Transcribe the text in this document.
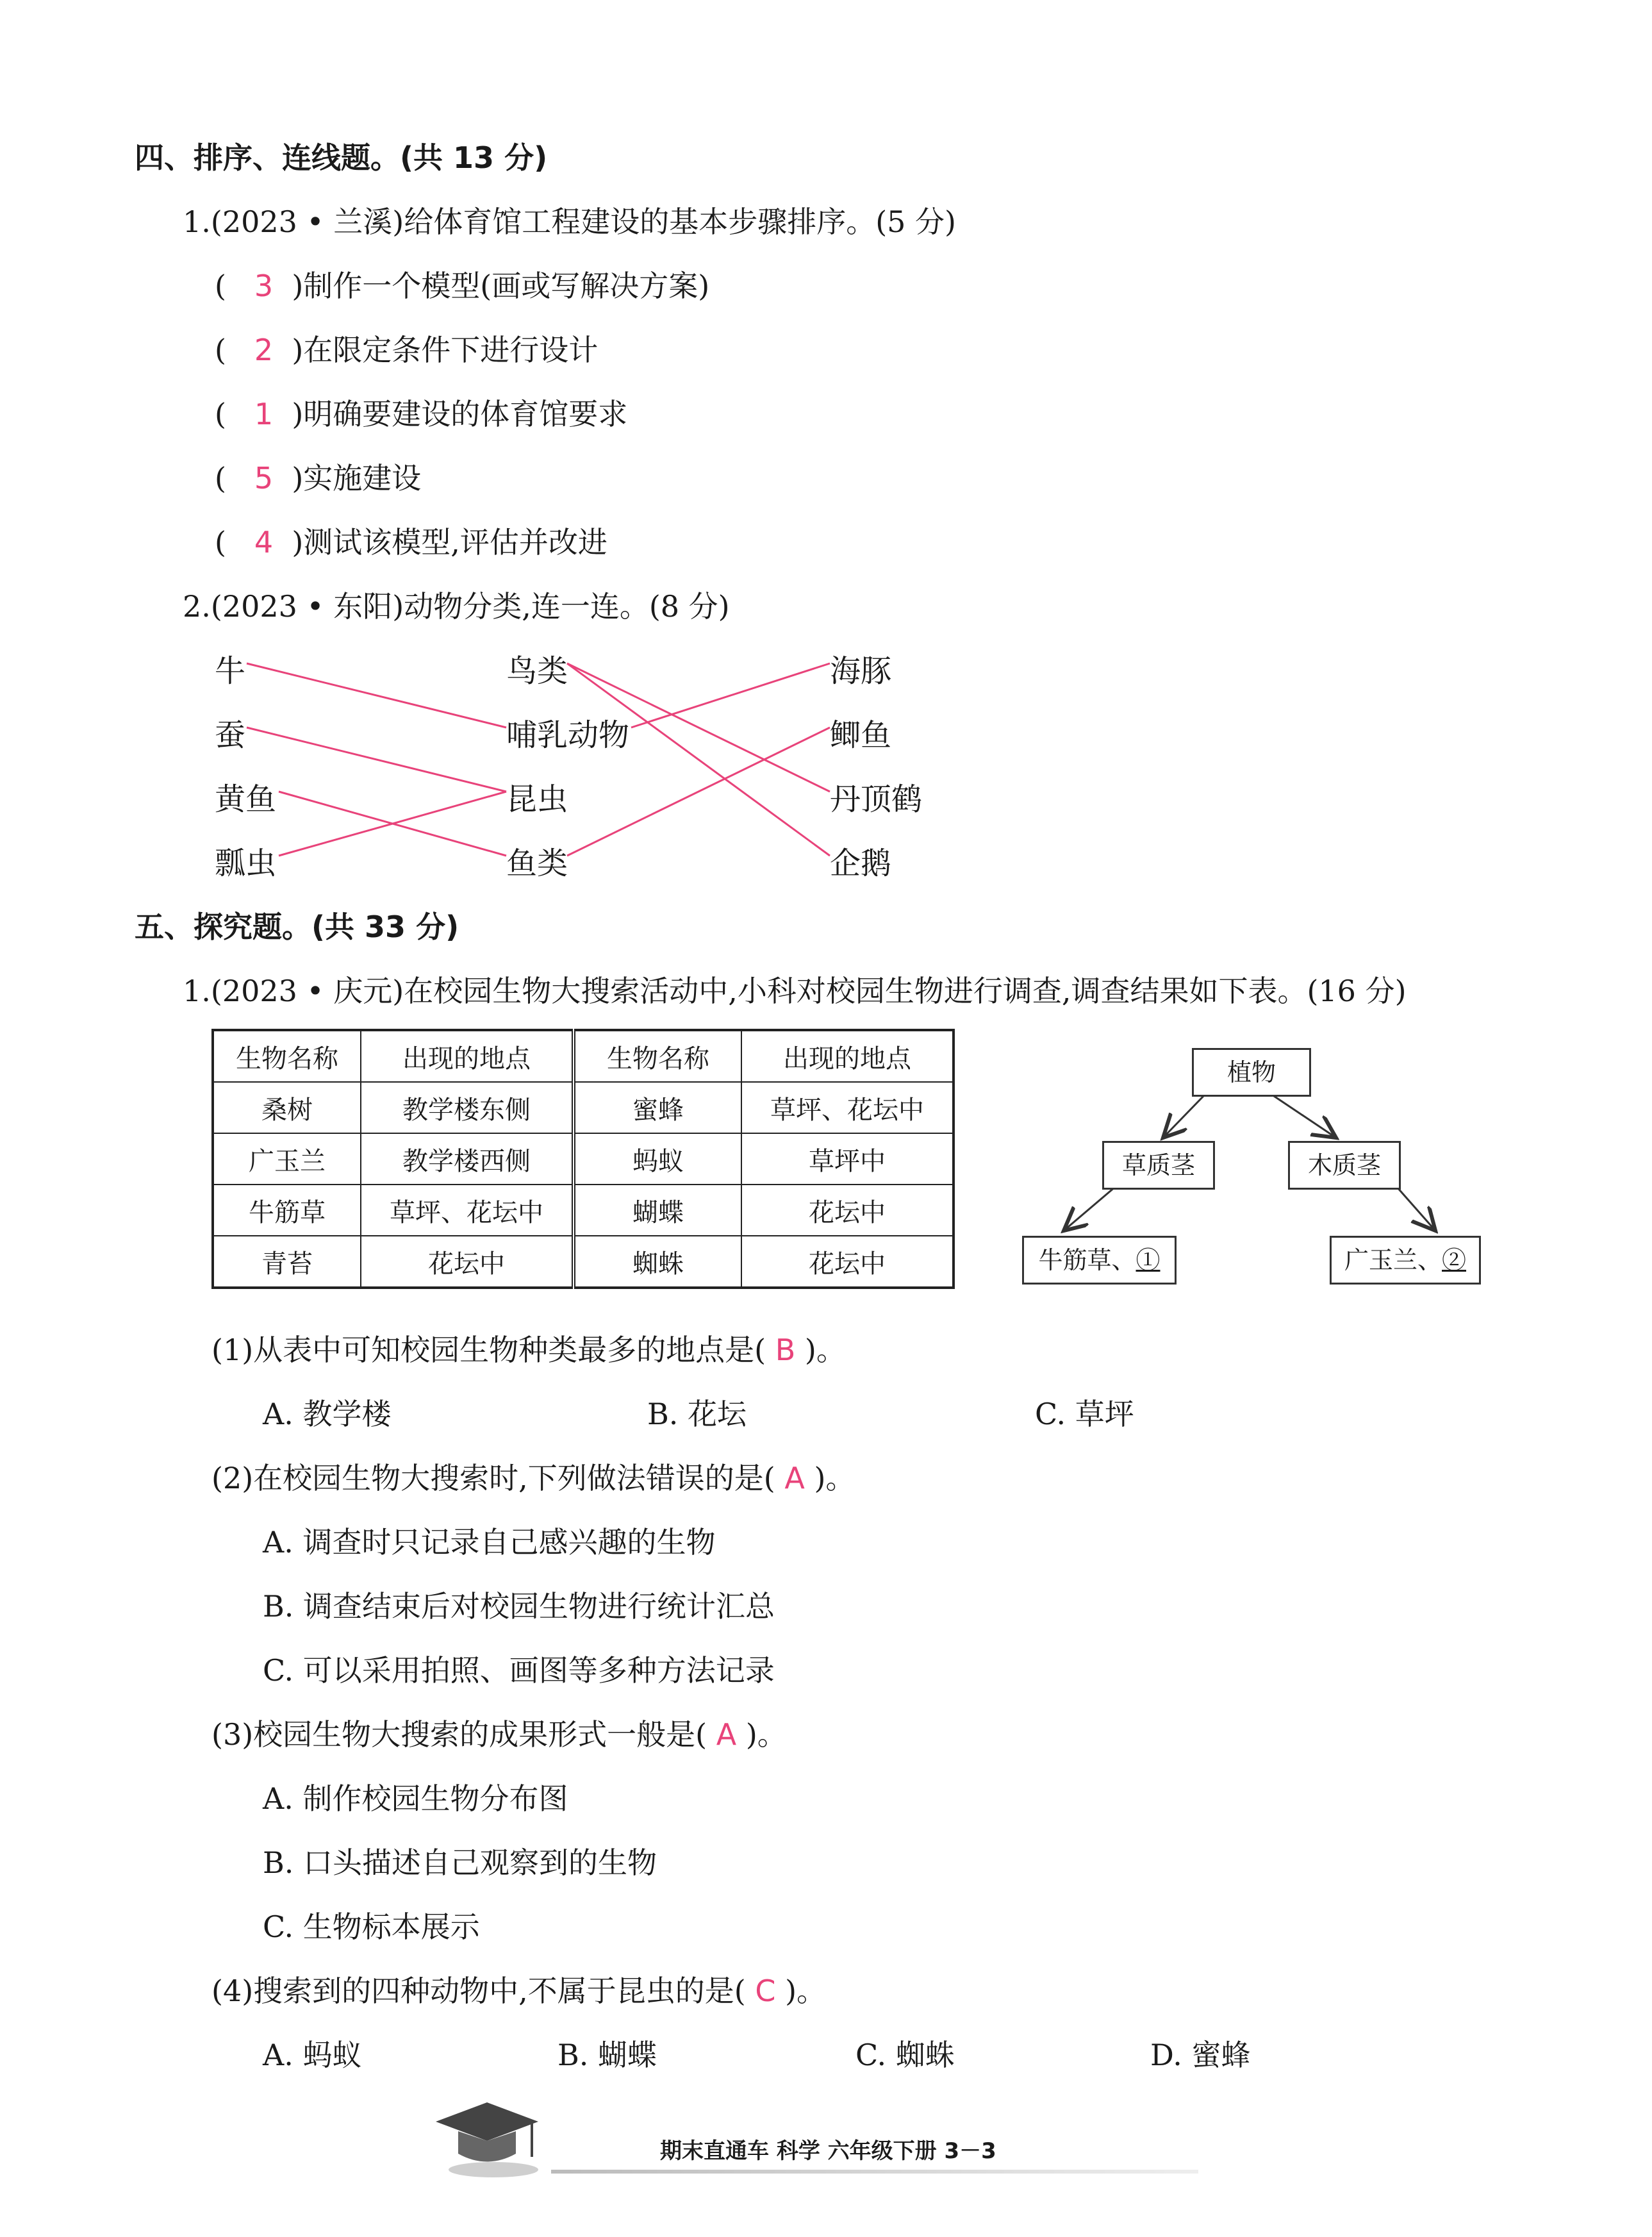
四、排序、连线题。(共 13 分)
1.(2023 • 兰溪)给体育馆工程建设的基本步骤排序。(5 分)
(   3 )制作一个模型(画或写解决方案)
(   2 )在限定条件下进行设计
(   1 )明确要建设的体育馆要求
(   5 )实施建设
(   4 )测试该模型,评估并改进
2.(2023 • 东阳)动物分类,连一连。(8 分)
牛
蚕
黄鱼
瓢虫
鸟类
哺乳动物
昆虫
鱼类
海豚
鲫鱼
丹顶鹤
企鹅
五、探究题。(共 33 分)
1.(2023 • 庆元)在校园生物大搜索活动中,小科对校园生物进行调查,调查结果如下表。(16 分)
生物名称	出现的地点	生物名称	出现的地点
桑树	教学楼东侧	蜜蜂	草坪、花坛中
广玉兰	教学楼西侧	蚂蚁	草坪中
牛筋草	草坪、花坛中	蝴蝶	花坛中
青苔	花坛中	蜘蛛	花坛中
植物
草质茎	木质茎
牛筋草、①	广玉兰、②
(1)从表中可知校园生物种类最多的地点是( B )。
A. 教学楼	B. 花坛	C. 草坪
(2)在校园生物大搜索时,下列做法错误的是( A )。
A. 调查时只记录自己感兴趣的生物
B. 调查结束后对校园生物进行统计汇总
C. 可以采用拍照、画图等多种方法记录
(3)校园生物大搜索的成果形式一般是( A )。
A. 制作校园生物分布图
B. 口头描述自己观察到的生物
C. 生物标本展示
(4)搜索到的四种动物中,不属于昆虫的是( C )。
A. 蚂蚁	B. 蝴蝶	C. 蜘蛛	D. 蜜蜂
期末直通车 科学 六年级下册 3－3
